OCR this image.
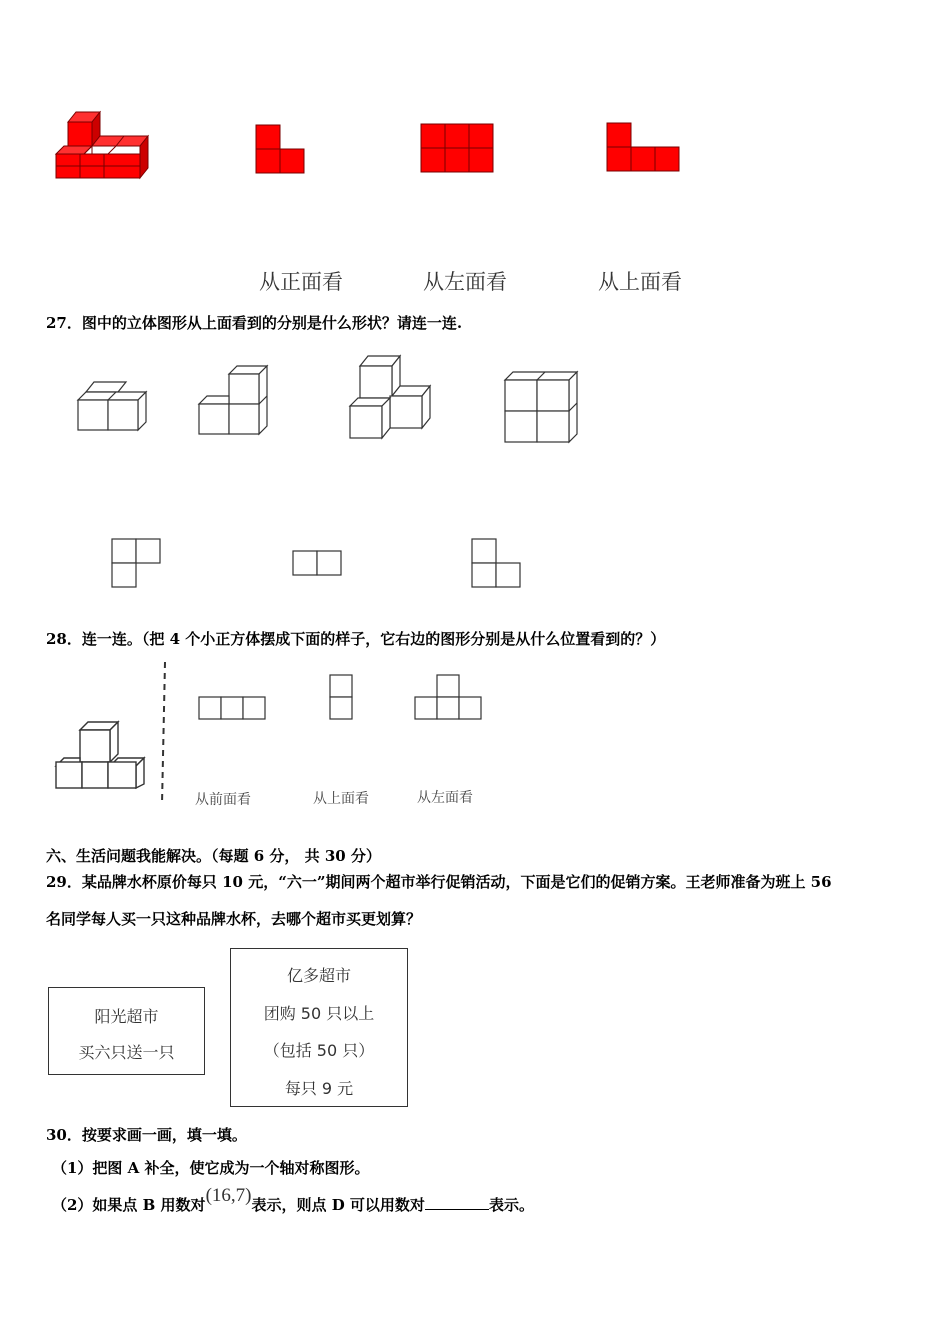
从正面看	从左面看	从上面看
27．图中的立体图形从上面看到的分别是什么形状？请连一连.
28．连一连。（把 4 个小正方体摆成下面的样子，它右边的图形分别是从什么位置看到的？）
从前面看	从上面看	从左面看
六、生活问题我能解决。（每题 6 分， 共 30 分）
29．某品牌水杯原价每只 10 元，“六一”期间两个超市举行促销活动，下面是它们的促销方案。王老师准备为班上 56
名同学每人买一只这种品牌水杯，去哪个超市买更划算？
阳光超市
买六只送一只
亿多超市
团购 50 只以上
（包括 50 只）
每只 9 元
30．按要求画一画，填一填。
（1）把图 A 补全，使它成为一个轴对称图形。
（2）如果点 B 用数对(16,7)表示，则点 D 可以用数对	表示。
